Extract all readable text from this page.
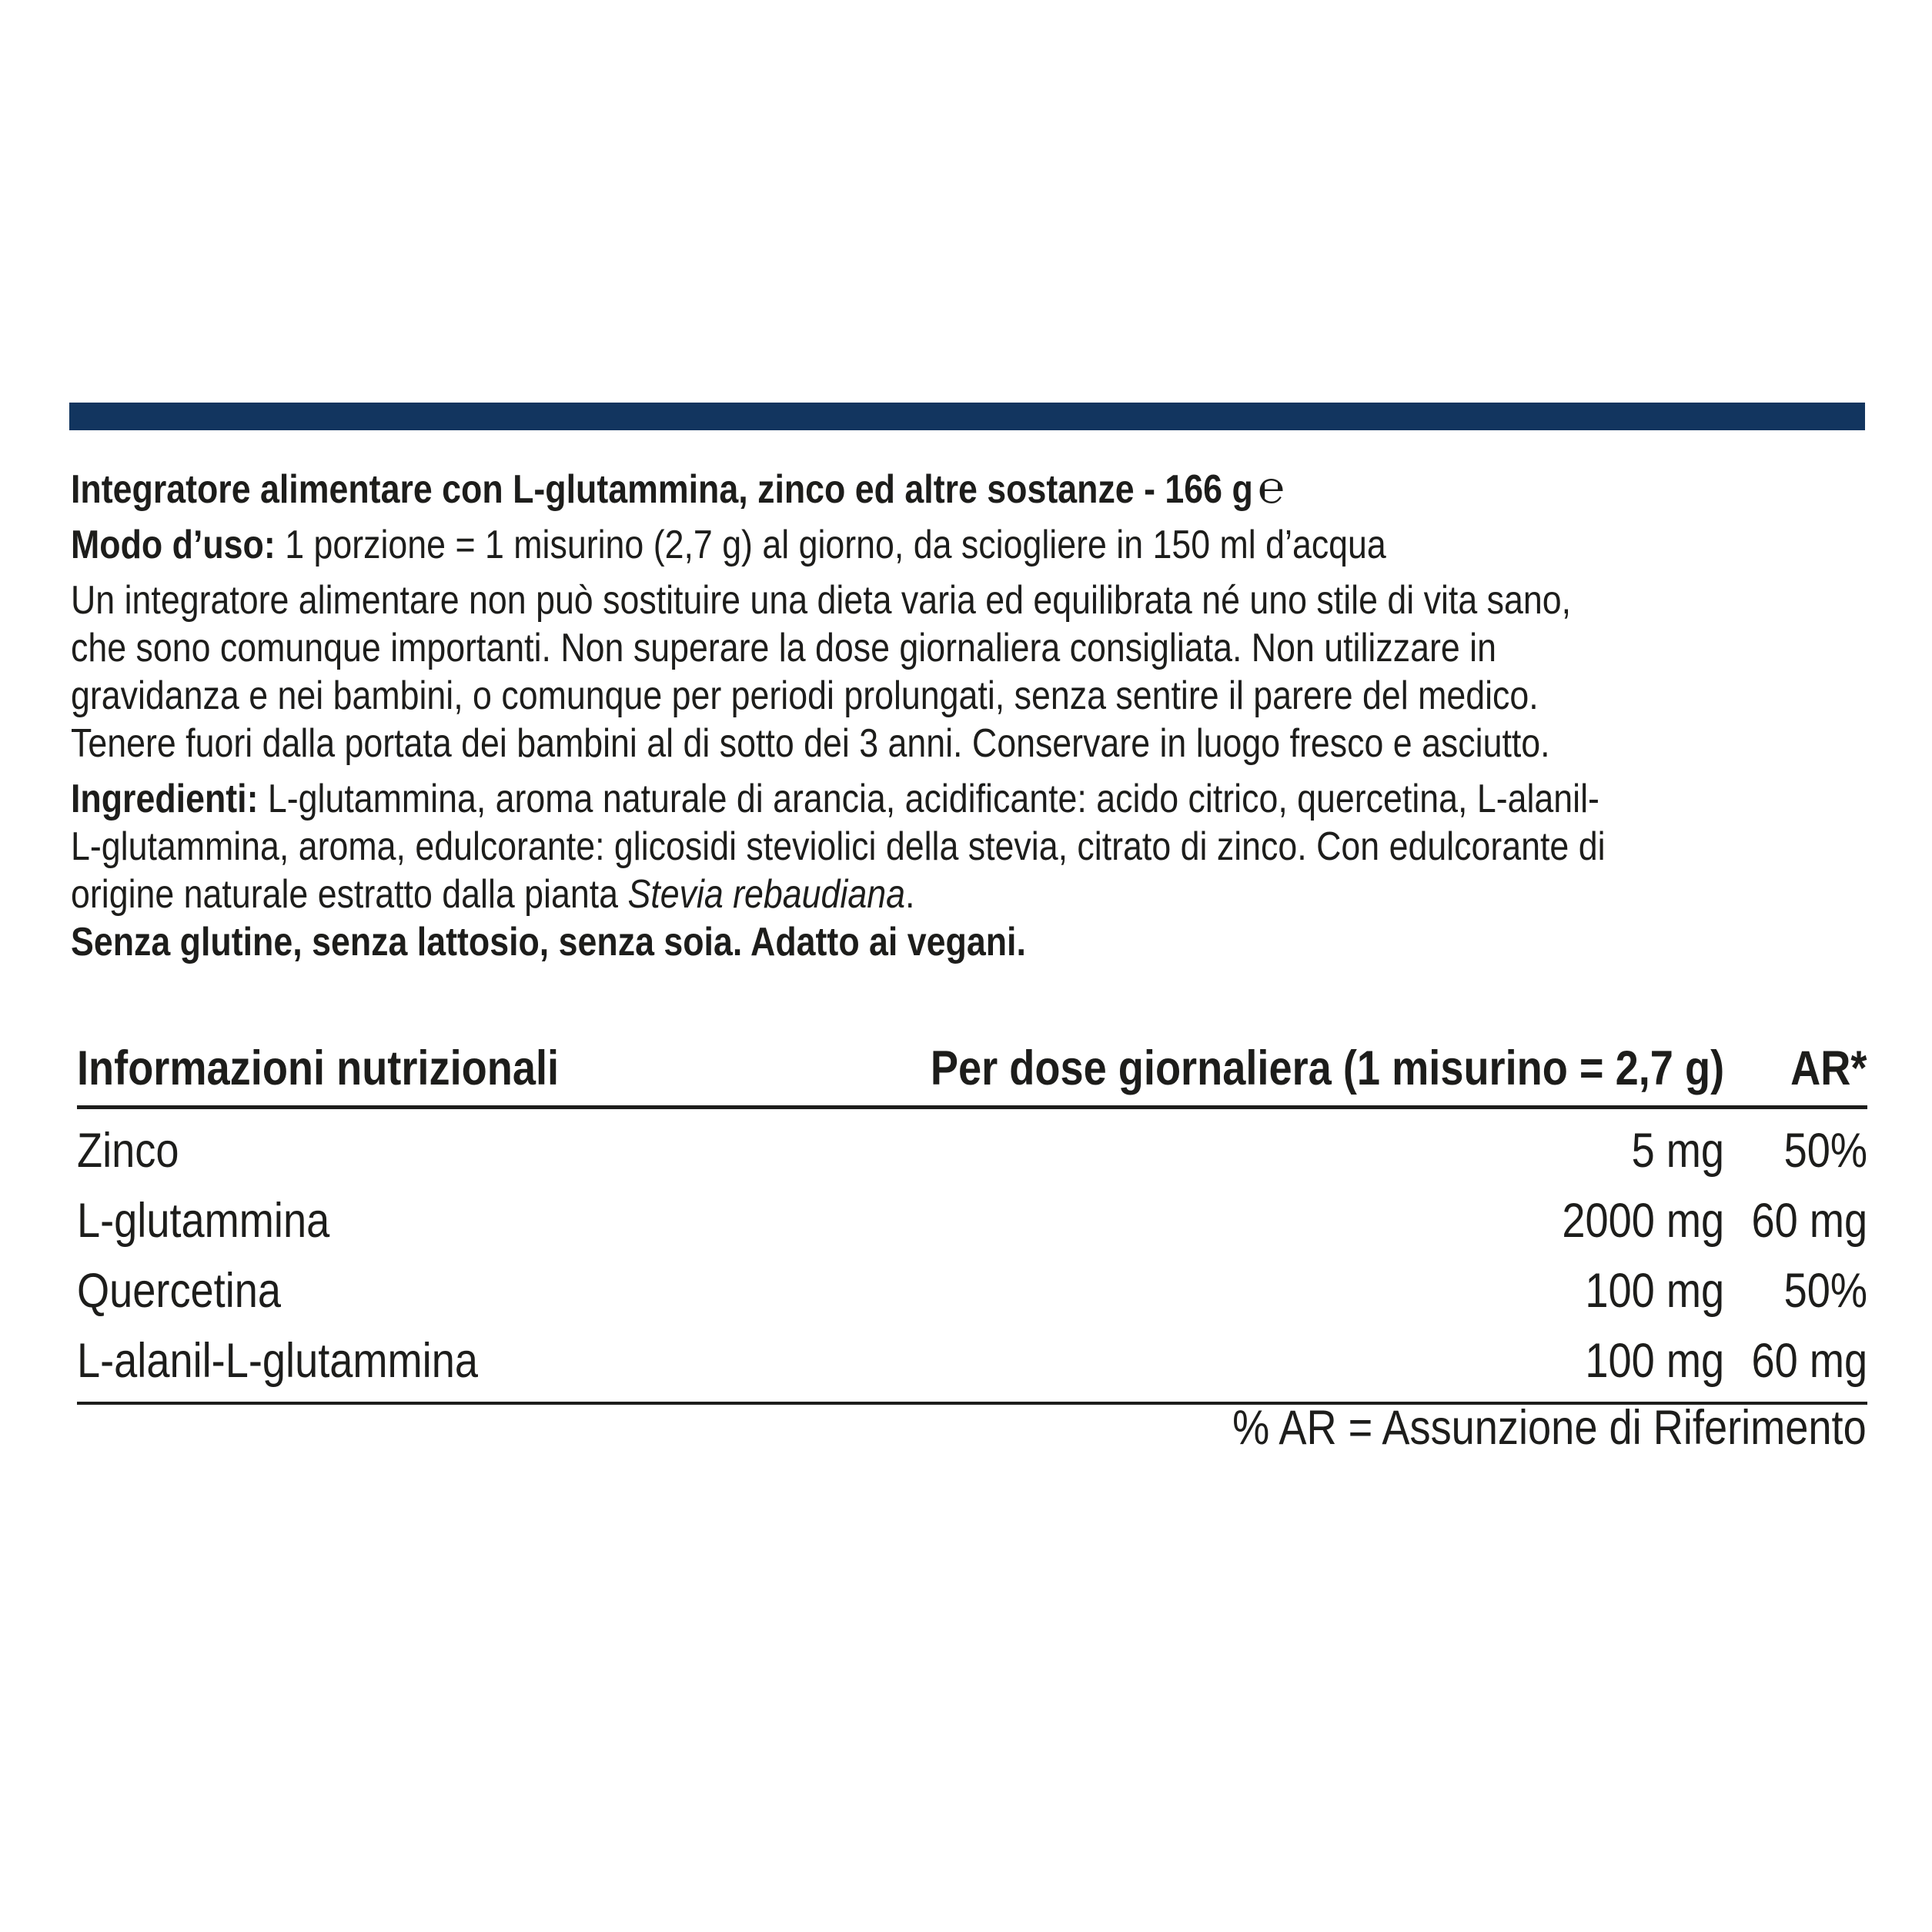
Integratore alimentare con L-glutammina, zinco ed altre sostanze - 166 g ℮

Modo d’uso: 1 porzione = 1 misurino (2,7 g) al giorno, da sciogliere in 150 ml d’acqua

Un integratore alimentare non può sostituire una dieta varia ed equilibrata né uno stile di vita sano, che sono comunque importanti. Non superare la dose giornaliera consigliata. Non utilizzare in gravidanza e nei bambini, o comunque per periodi prolungati, senza sentire il parere del medico. Tenere fuori dalla portata dei bambini al di sotto dei 3 anni. Conservare in luogo fresco e asciutto.

Ingredienti: L-glutammina, aroma naturale di arancia, acidificante: acido citrico, quercetina, L-alanil-L-glutammina, aroma, edulcorante: glicosidi steviolici della stevia, citrato di zinco. Con edulcorante di origine naturale estratto dalla pianta Stevia rebaudiana.

Senza glutine, senza lattosio, senza soia. Adatto ai vegani.

Informazioni nutrizionali	Per dose giornaliera (1 misurino = 2,7 g)	AR*
Zinco	5 mg	50%
L-glutammina	2000 mg	60 mg
Quercetina	100 mg	50%
L-alanil-L-glutammina	100 mg	60 mg
% AR = Assunzione di Riferimento
